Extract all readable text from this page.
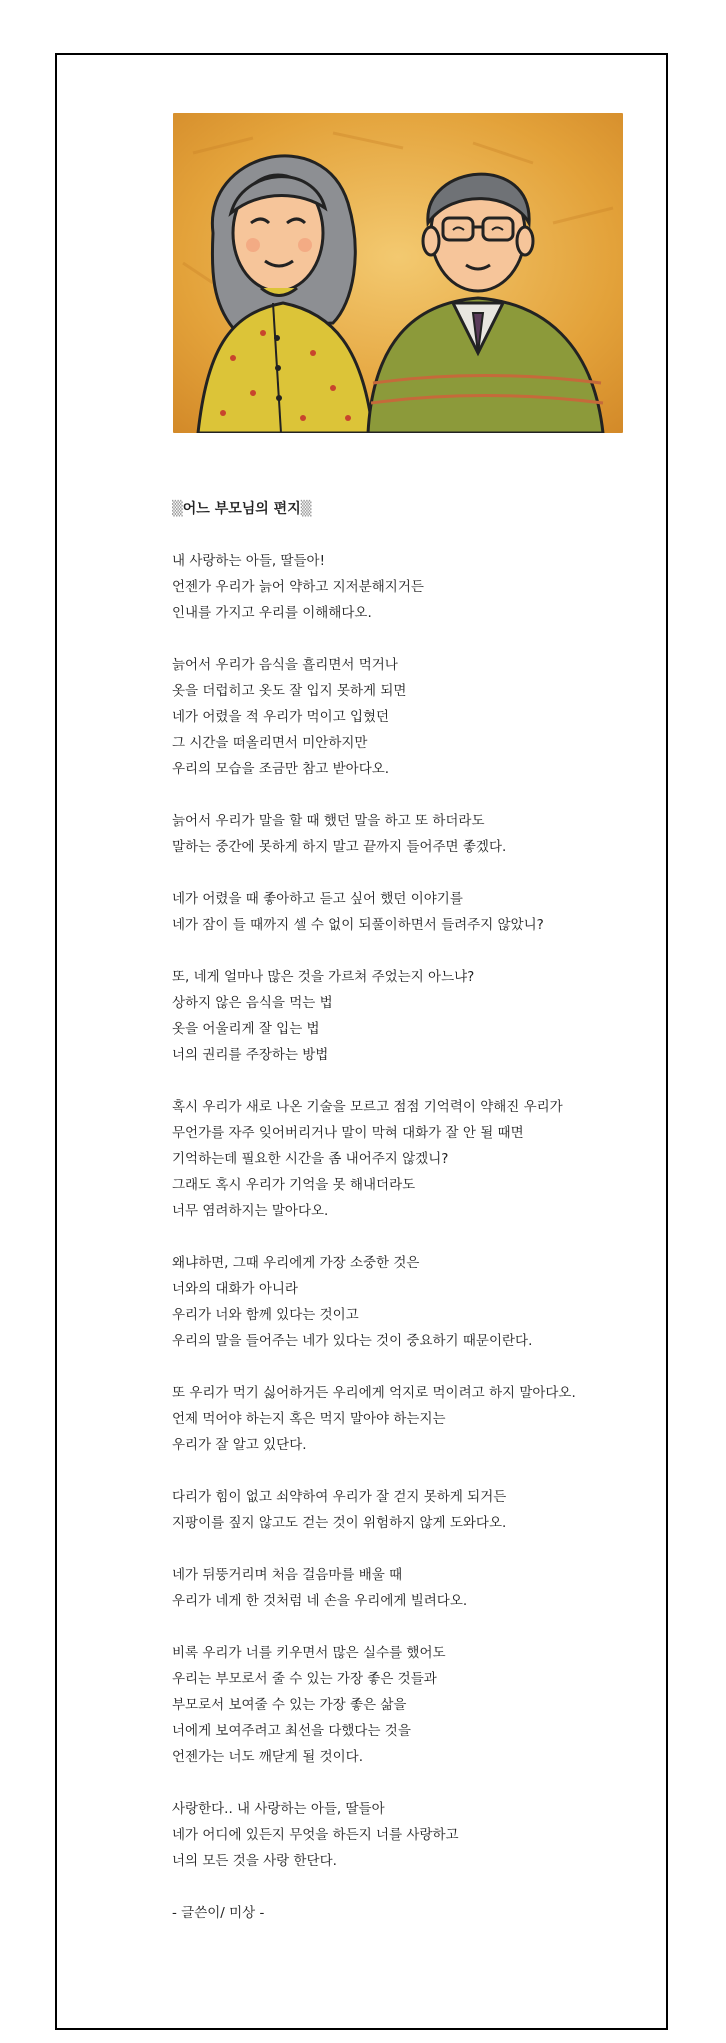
▒어느 부모님의 편지▒
내 사랑하는 아들, 딸들아!
언젠가 우리가 늙어 약하고 지저분해지거든
인내를 가지고 우리를 이해해다오.
늙어서 우리가 음식을 흘리면서 먹거나
옷을 더럽히고 옷도 잘 입지 못하게 되면
네가 어렸을 적 우리가 먹이고 입혔던
그 시간을 떠올리면서 미안하지만
우리의 모습을 조금만 참고 받아다오.
늙어서 우리가 말을 할 때 했던 말을 하고 또 하더라도
말하는 중간에 못하게 하지 말고 끝까지 들어주면 좋겠다.
네가 어렸을 때 좋아하고 듣고 싶어 했던 이야기를
네가 잠이 들 때까지 셀 수 없이 되풀이하면서 들려주지 않았니?
또, 네게 얼마나 많은 것을 가르쳐 주었는지 아느냐?
상하지 않은 음식을 먹는 법
옷을 어울리게 잘 입는 법
너의 권리를 주장하는 방법
혹시 우리가 새로 나온 기술을 모르고 점점 기억력이 약해진 우리가
무언가를 자주 잊어버리거나 말이 막혀 대화가 잘 안 될 때면
기억하는데 필요한 시간을 좀 내어주지 않겠니?
그래도 혹시 우리가 기억을 못 해내더라도
너무 염려하지는 말아다오.
왜냐하면, 그때 우리에게 가장 소중한 것은
너와의 대화가 아니라
우리가 너와 함께 있다는 것이고
우리의 말을 들어주는 네가 있다는 것이 중요하기 때문이란다.
또 우리가 먹기 싫어하거든 우리에게 억지로 먹이려고 하지 말아다오.
언제 먹어야 하는지 혹은 먹지 말아야 하는지는
우리가 잘 알고 있단다.
다리가 힘이 없고 쇠약하여 우리가 잘 걷지 못하게 되거든
지팡이를 짚지 않고도 걷는 것이 위험하지 않게 도와다오.
네가 뒤뚱거리며 처음 걸음마를 배울 때
우리가 네게 한 것처럼 네 손을 우리에게 빌려다오.
비록 우리가 너를 키우면서 많은 실수를 했어도
우리는 부모로서 줄 수 있는 가장 좋은 것들과
부모로서 보여줄 수 있는 가장 좋은 삶을
너에게 보여주려고 최선을 다했다는 것을
언젠가는 너도 깨닫게 될 것이다.
사랑한다.. 내 사랑하는 아들, 딸들아
네가 어디에 있든지 무엇을 하든지 너를 사랑하고
너의 모든 것을 사랑 한단다.
- 글쓴이/ 미상 -
